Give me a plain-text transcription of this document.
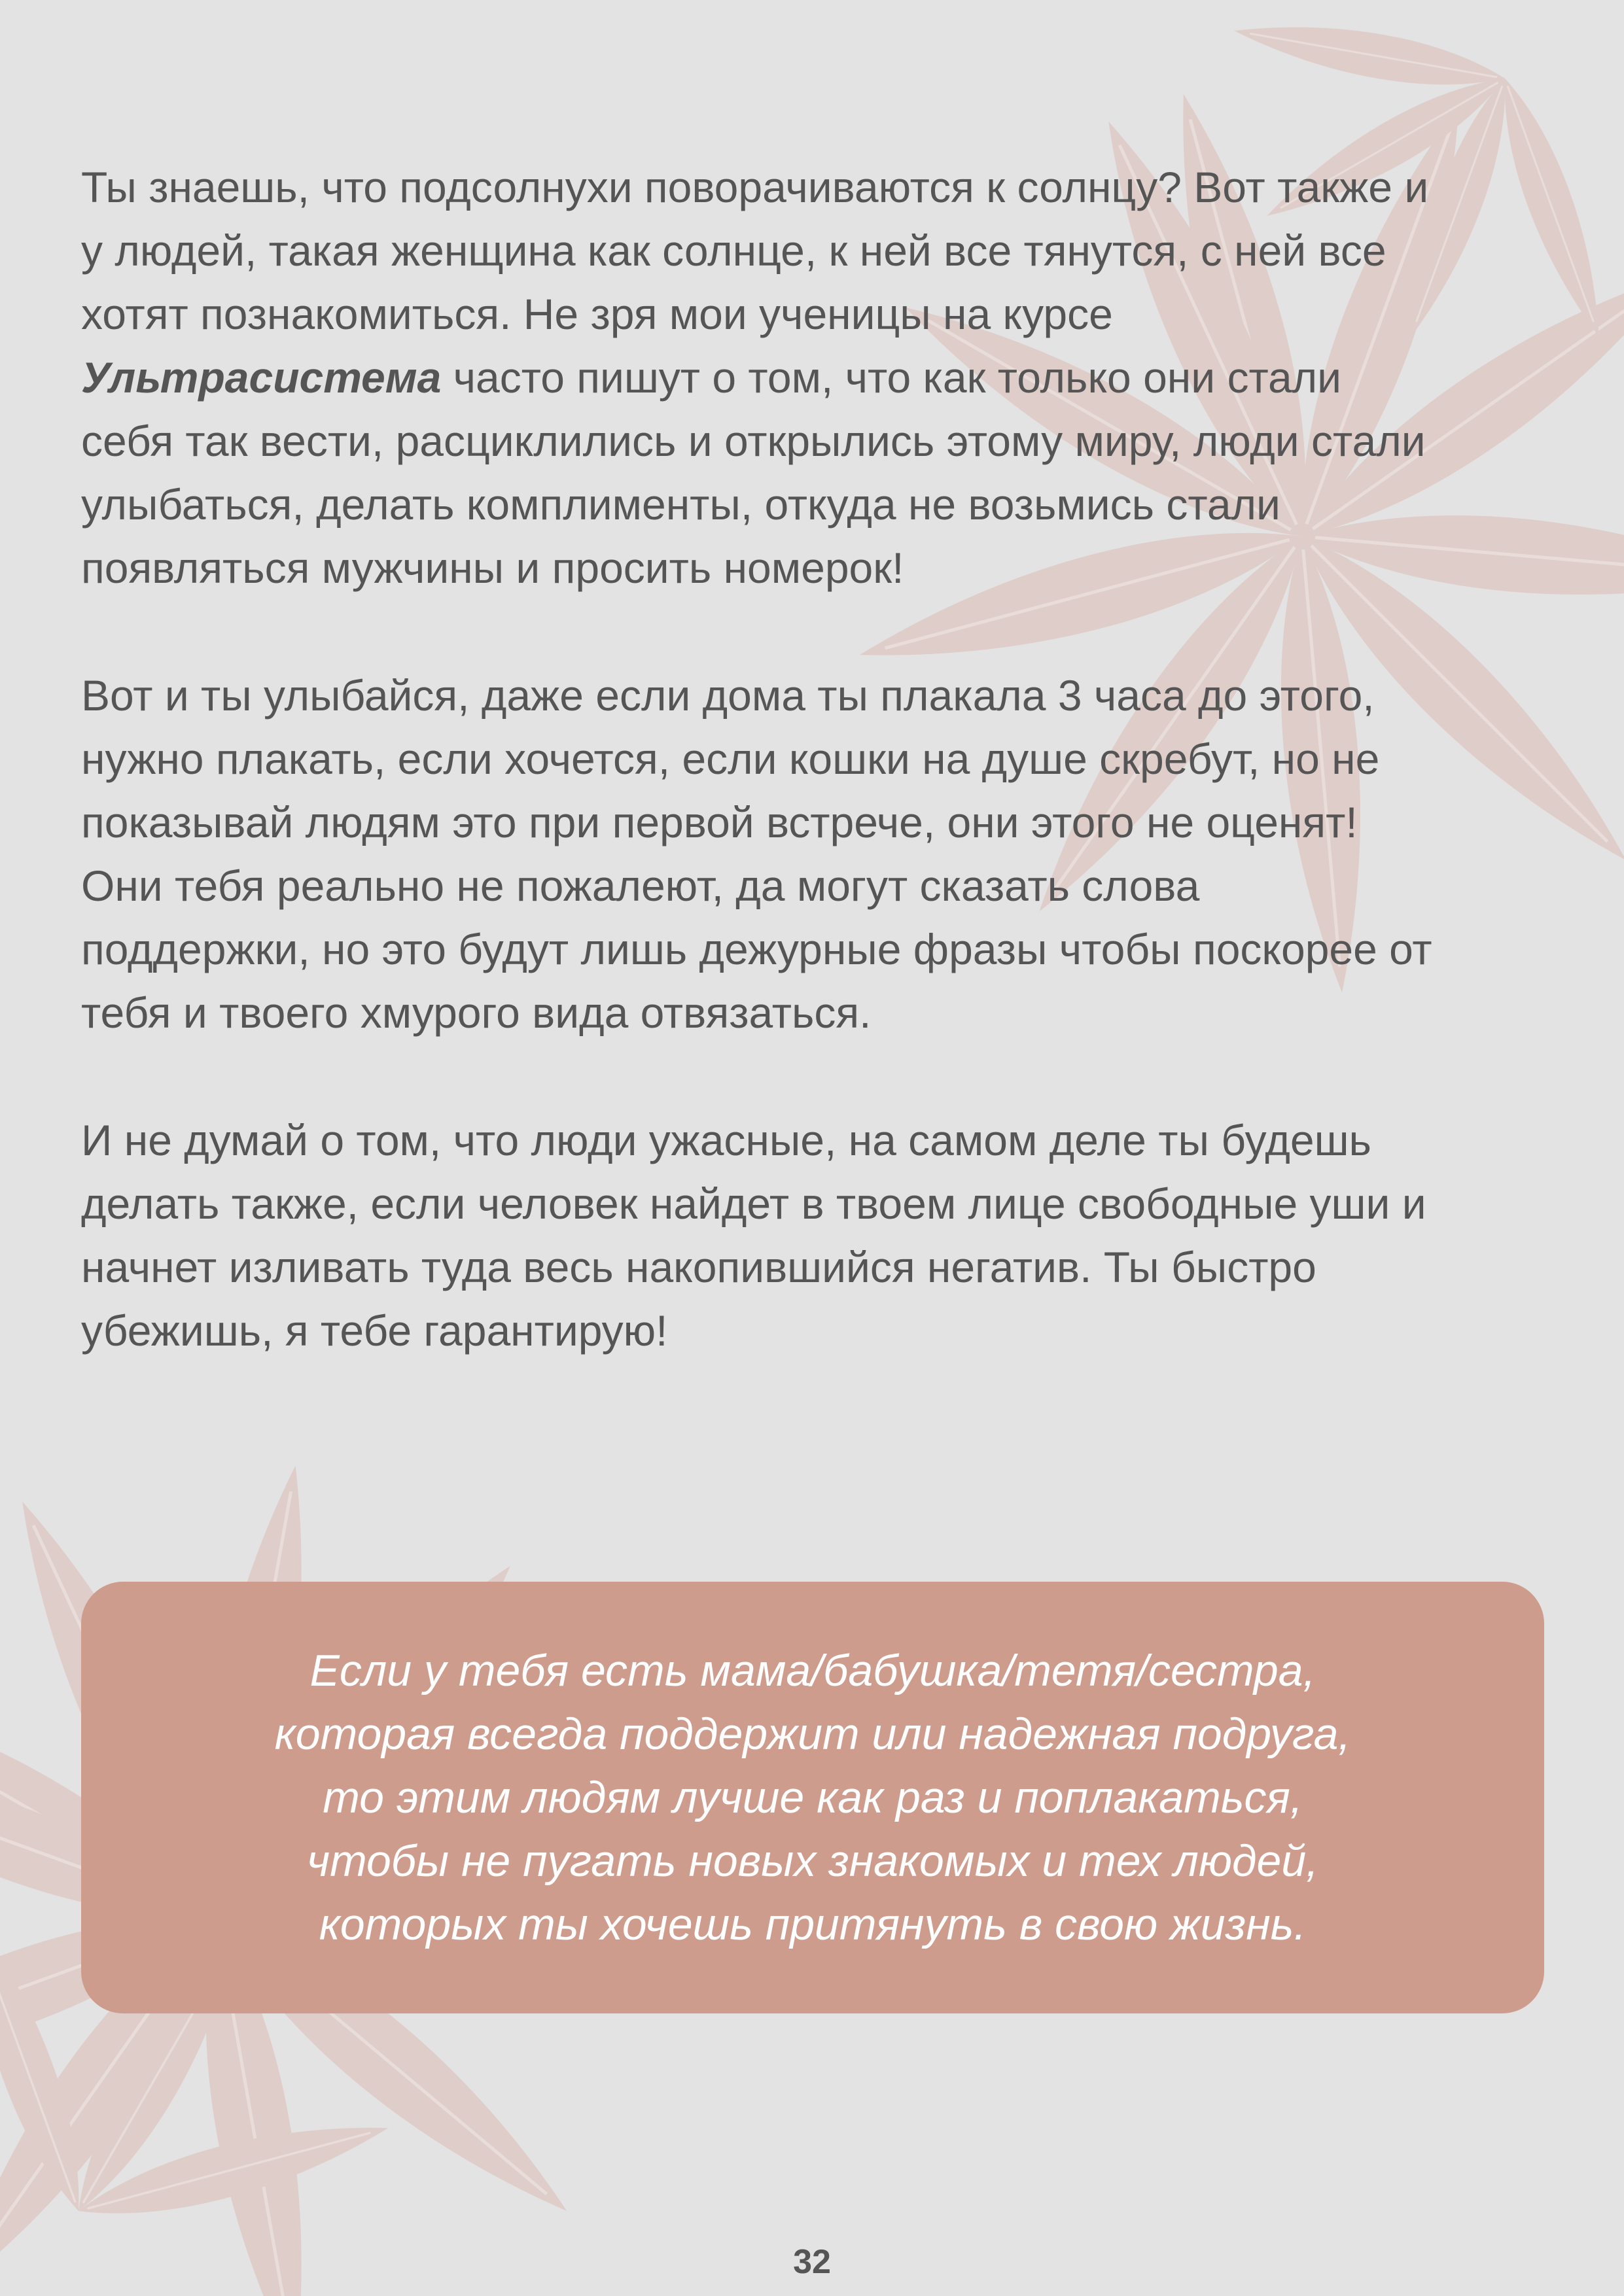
Ты знаешь, что подсолнухи поворачиваются к солнцу? Вот также и
у людей, такая женщина как солнце, к ней все тянутся, с ней все
хотят познакомиться. Не зря мои ученицы на курсе
Ультрасистема часто пишут о том, что как только они стали
себя так вести, расциклились и открылись этому миру, люди стали
улыбаться, делать комплименты, откуда не возьмись стали
появляться мужчины и просить номерок!

Вот и ты улыбайся, даже если дома ты плакала 3 часа до этого,
нужно плакать, если хочется, если кошки на душе скребут, но не
показывай людям это при первой встрече, они этого не оценят!
Они тебя реально не пожалеют, да могут сказать слова
поддержки, но это будут лишь дежурные фразы чтобы поскорее от
тебя и твоего хмурого вида отвязаться.

И не думай о том, что люди ужасные, на самом деле ты будешь
делать также, если человек найдет в твоем лице свободные уши и
начнет изливать туда весь накопившийся негатив. Ты быстро
убежишь, я тебе гарантирую!

Если у тебя есть мама/бабушка/тетя/сестра,
которая всегда поддержит или надежная подруга,
то этим людям лучше как раз и поплакаться,
чтобы не пугать новых знакомых и тех людей,
которых ты хочешь притянуть в свою жизнь.
32
